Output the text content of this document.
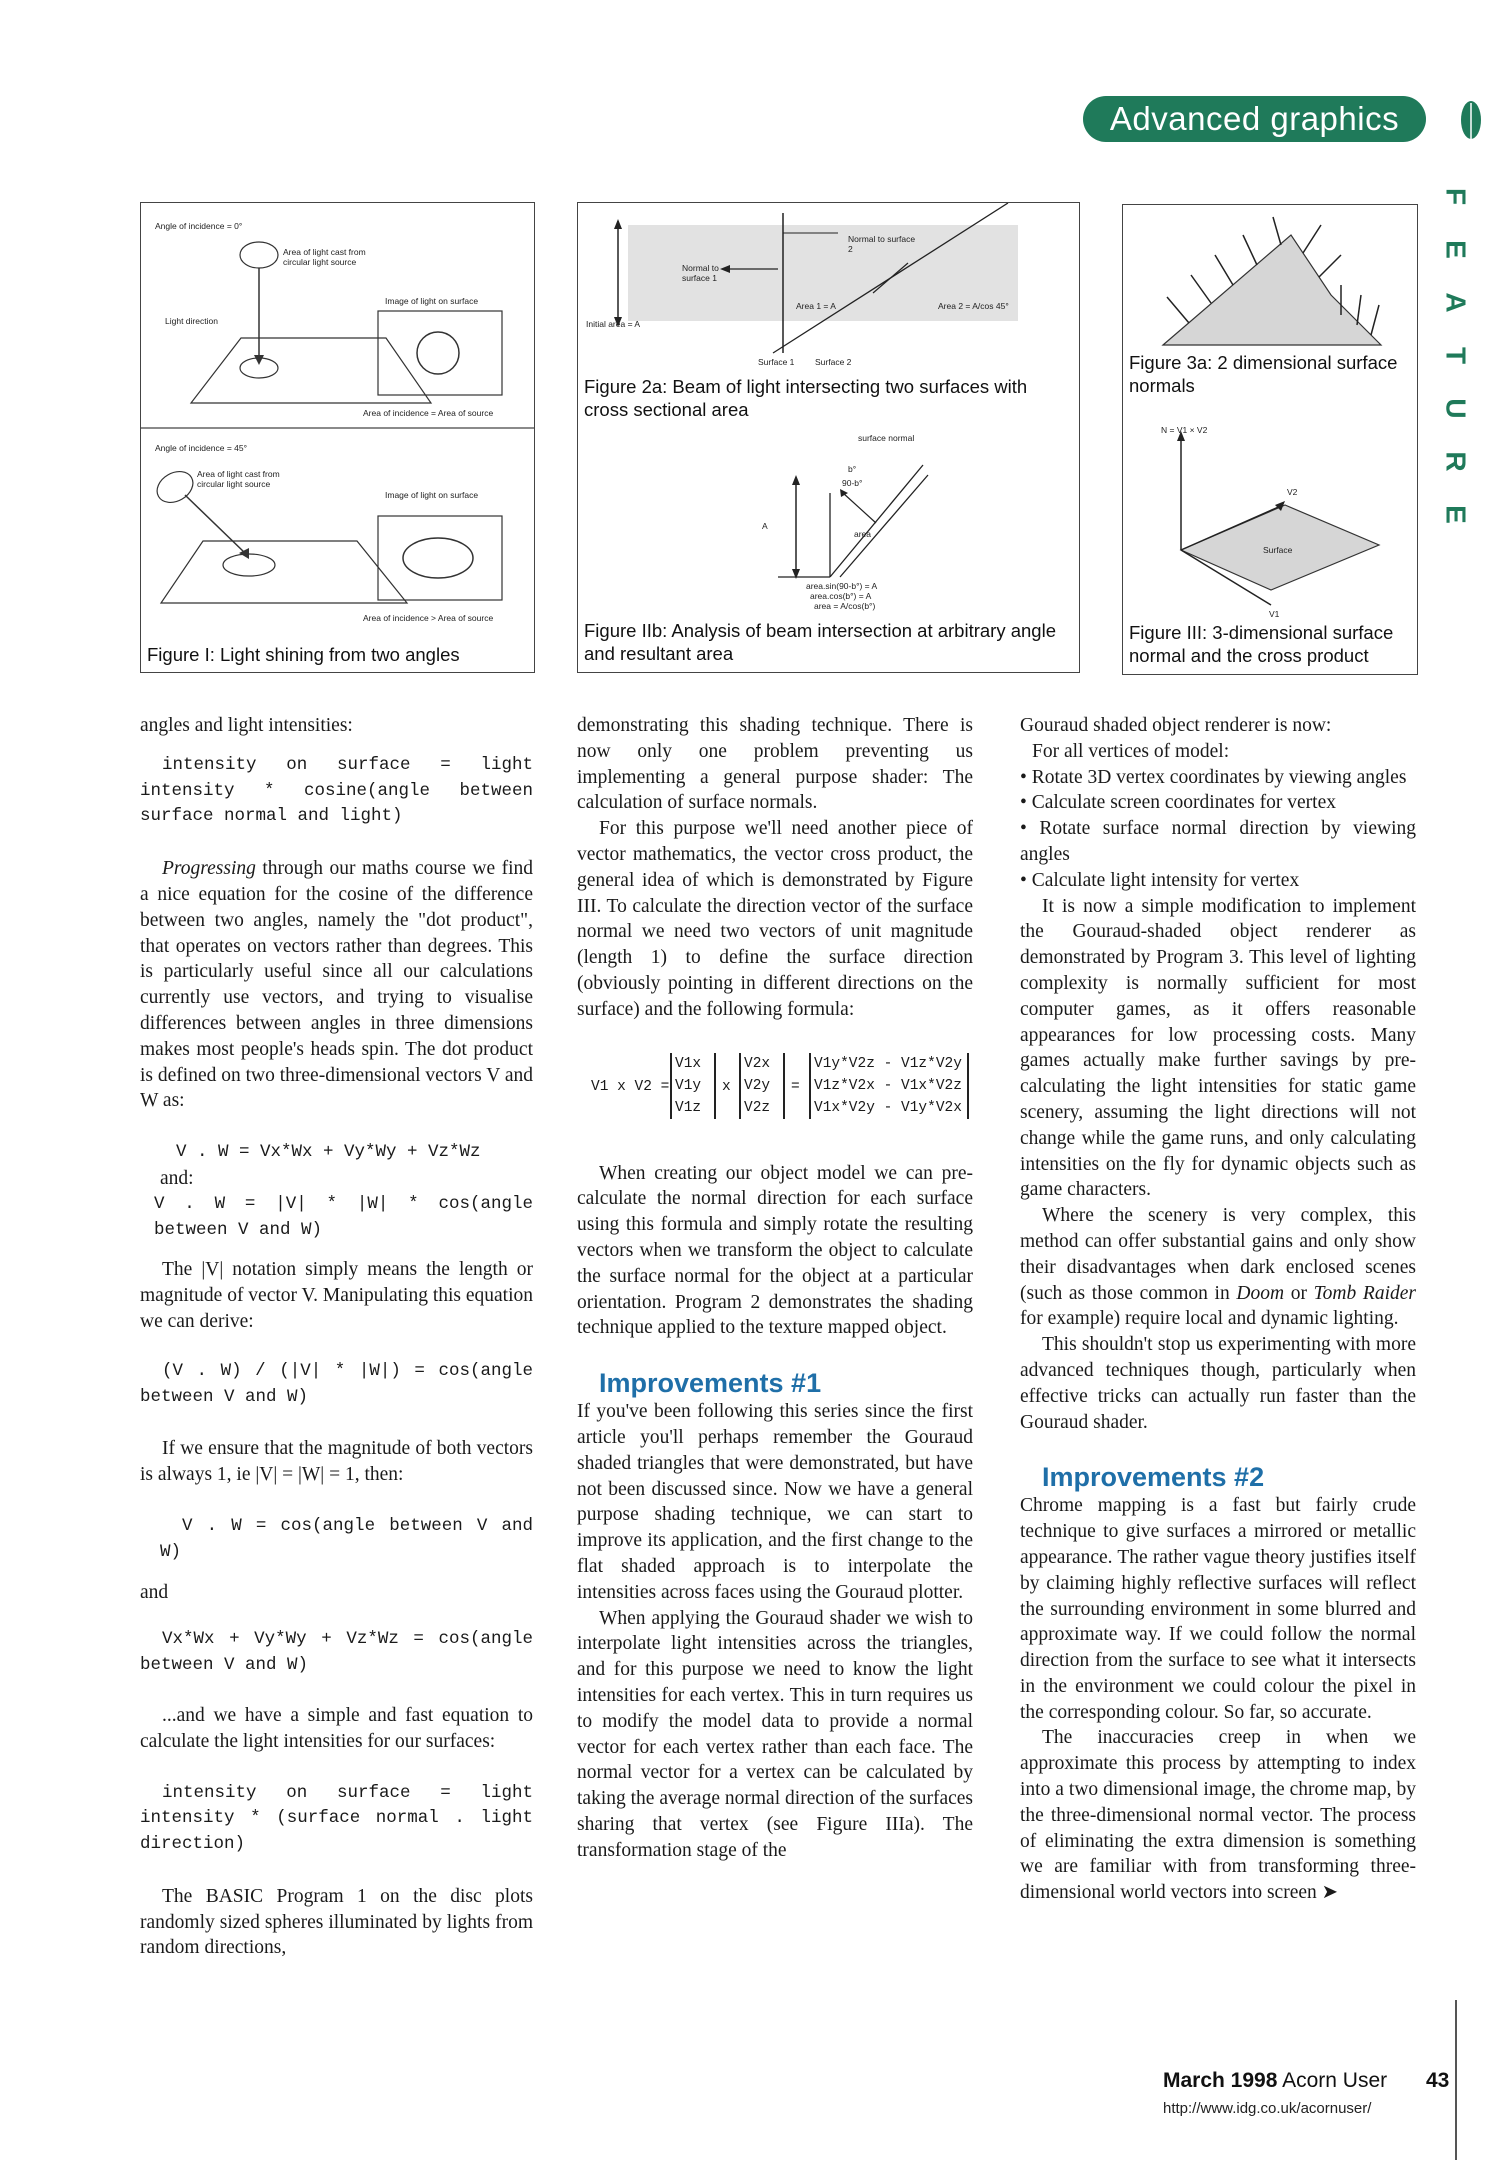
Advanced graphics
F
E
A
T
U
R
E
Angle of incidence = 0°
Area of light cast from circular light source
Light direction
Image of light on surface
Area of incidence = Area of source
Angle of incidence = 45°
Area of light cast from circular light source
Image of light on surface
Area of incidence > Area of source
Figure I: Light shining from two angles
Normal to surface 2
Normal to surface 1
Area 1 = A	Area 2 = A/cos 45°
Initial area = A
Surface 1 Surface 2
Figure 2a: Beam of light intersecting two surfaces with cross sectional area
surface normal
b°
90-b°
A
area
area.sin(90-b°) = A
area.cos(b°) = A
area = A/cos(b°)
Figure IIb: Analysis of beam intersection at arbitrary angle and resultant area
Figure 3a: 2 dimensional surface normals
N = V1 × V2
V2
Surface
V1
Figure III: 3-dimensional surface normal and the cross product

angles and light intensities:

intensity on surface = light intensity * cosine(angle between surface normal and light)

Progressing through our maths course we find a nice equation for the cosine of the difference between two angles, namely the "dot product", that operates on vectors rather than degrees. This is particularly useful since all our calculations currently use vectors, and trying to visualise differences between angles in three dimensions makes most people's heads spin. The dot product is defined on two three-dimensional vectors V and W as:

V . W = Vx*Wx + Vy*Wy + Vz*Wz

and:

V . W = |V| * |W| * cos(angle between V and W)

The |V| notation simply means the length or magnitude of vector V. Manipulating this equation we can derive:

(V . W) / (|V| * |W|) = cos(angle between V and W)

If we ensure that the magnitude of both vectors is always 1, ie |V| = |W| = 1, then:

V . W = cos(angle between V and W)

and

Vx*Wx + Vy*Wy + Vz*Wz = cos(angle between V and W)

...and we have a simple and fast equation to calculate the light intensities for our surfaces:

intensity on surface = light intensity * (surface normal . light direction)

The BASIC Program 1 on the disc plots randomly sized spheres illuminated by lights from random directions,

demonstrating this shading technique. There is now only one problem preventing us implementing a general purpose shader: The calculation of surface normals.

For this purpose we'll need another piece of vector mathematics, the vector cross product, the general idea of which is demonstrated by Figure III. To calculate the direction vector of the surface normal we need two vectors of unit magnitude (length 1) to define the surface direction (obviously pointing in different directions on the surface) and the following formula:

V1 x V2 =
V1x
V1y
V1z
x
V2x
V2y
V2z
=
V1y*V2z - V1z*V2y
V1z*V2x - V1x*V2z
V1x*V2y - V1y*V2x

When creating our object model we can pre-calculate the normal direction for each surface using this formula and simply rotate the resulting vectors when we transform the object to calculate the surface normal for the object at a particular orientation. Program 2 demonstrates the shading technique applied to the texture mapped object.

Improvements #1

If you've been following this series since the first article you'll perhaps remember the Gouraud shaded triangles that were demonstrated, but have not been discussed since. Now we have a general purpose shading technique, we can start to improve its application, and the first change to the flat shaded approach is to interpolate the intensities across faces using the Gouraud plotter.

When applying the Gouraud shader we wish to interpolate light intensities across the triangles, and for this purpose we need to know the light intensities for each vertex. This in turn requires us to modify the model data to provide a normal vector for each vertex rather than each face. The normal vector for a vertex can be calculated by taking the average normal direction of the surfaces sharing that vertex (see Figure IIIa). The transformation stage of the

Gouraud shaded object renderer is now:

For all vertices of model:

• Rotate 3D vertex coordinates by viewing angles

• Calculate screen coordinates for vertex

• Rotate surface normal direction by viewing angles

• Calculate light intensity for vertex

It is now a simple modification to implement the Gouraud-shaded object renderer as demonstrated by Program 3. This level of lighting complexity is normally sufficient for most computer games, as it offers reasonable appearances for low processing costs. Many games actually make further savings by pre-calculating the light intensities for static game scenery, assuming the light directions will not change while the game runs, and only calculating intensities on the fly for dynamic objects such as game characters.

Where the scenery is very complex, this method can offer substantial gains and only show their disadvantages when dark enclosed scenes (such as those common in Doom or Tomb Raider for example) require local and dynamic lighting.

This shouldn't stop us experimenting with more advanced techniques though, particularly when effective tricks can actually run faster than the Gouraud shader.

Improvements #2

Chrome mapping is a fast but fairly crude technique to give surfaces a mirrored or metallic appearance. The rather vague theory justifies itself by claiming highly reflective surfaces will reflect the surrounding environment in some blurred and approximate way. If we could follow the normal direction from the surface to see what it intersects in the environment we could colour the pixel in the corresponding colour. So far, so accurate.

The inaccuracies creep in when we approximate this process by attempting to index into a two dimensional image, the chrome map, by the three-dimensional normal vector. The process of eliminating the extra dimension is something we are familiar with from transforming three-dimensional world vectors into screen ➤

March 1998 Acorn User
http://www.idg.co.uk/acornuser/
43
